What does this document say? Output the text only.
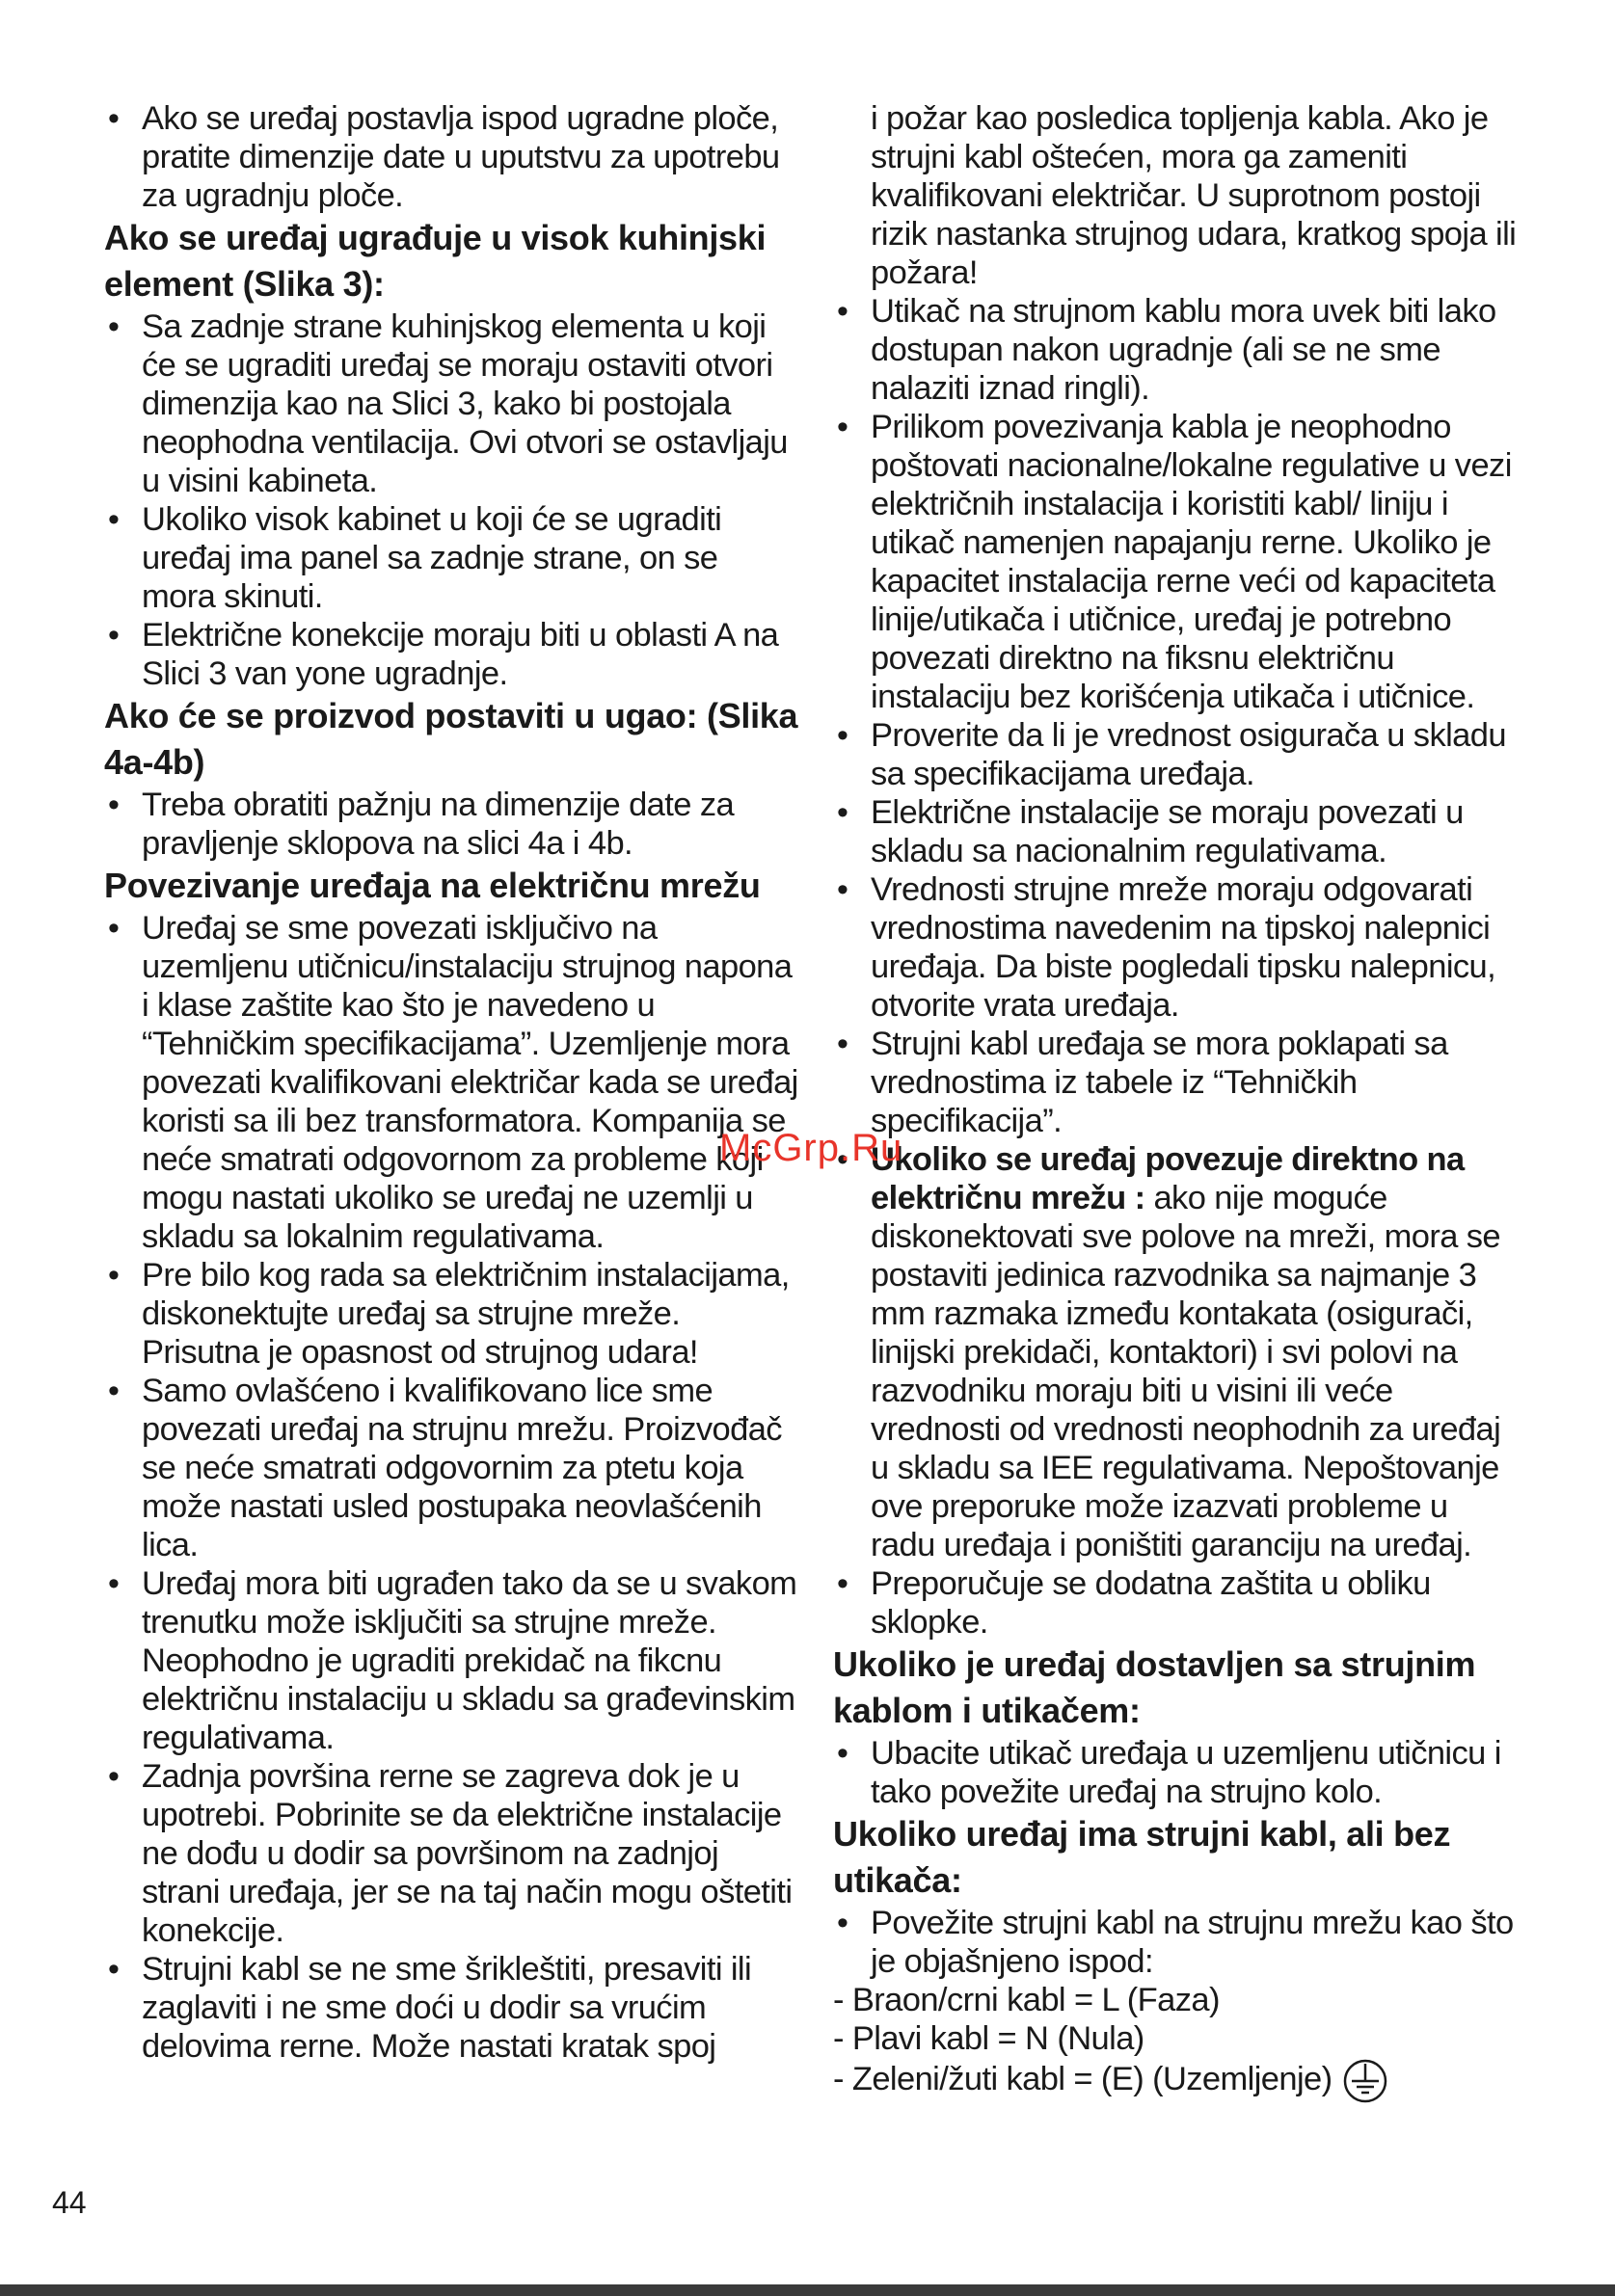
• Ako se uređaj postavlja ispod ugradne ploče, pratite dimenzije date u uputstvu za upotrebu za ugradnju ploče.
Ako se uređaj ugrađuje u visok kuhinjski element (Slika 3):
• Sa zadnje strane kuhinjskog elementa u koji će se ugraditi uređaj se moraju ostaviti otvori dimenzija kao na Slici 3, kako bi postojala neophodna ventilacija. Ovi otvori se ostavljaju u visini kabineta.
• Ukoliko visok kabinet u koji će se ugraditi uređaj ima panel sa zadnje strane, on se mora skinuti.
• Električne konekcije moraju biti u oblasti A na Slici 3 van yone ugradnje.
Ako će se proizvod postaviti u ugao: (Slika 4a-4b)
• Treba obratiti pažnju na dimenzije date za pravljenje sklopova na slici 4a i 4b.
Povezivanje uređaja na električnu mrežu
• Uređaj se sme povezati isključivo na uzemljenu utičnicu/instalaciju strujnog napona i klase zaštite kao što je navedeno u “Tehničkim specifikacijama”. Uzemljenje mora povezati kvalifikovani električar kada se uređaj koristi sa ili bez transformatora. Kompanija se neće smatrati odgovornom za probleme koji mogu nastati ukoliko se uređaj ne uzemlji u skladu sa lokalnim regulativama.
• Pre bilo kog rada sa električnim instalacijama, diskonektujte uređaj sa strujne mreže. Prisutna je opasnost od strujnog udara!
• Samo ovlašćeno i kvalifikovano lice sme povezati uređaj na strujnu mrežu. Proizvođač se neće smatrati odgovornim za ptetu koja može nastati usled postupaka neovlašćenih lica.
• Uređaj mora biti ugrađen tako da se u svakom trenutku može isključiti sa strujne mreže. Neophodno je ugraditi prekidač na fikcnu električnu instalaciju u skladu sa građevinskim regulativama.
• Zadnja površina rerne se zagreva dok je u upotrebi. Pobrinite se da električne instalacije ne dođu u dodir sa površinom na zadnjoj strani uređaja, jer se na taj način mogu oštetiti konekcije.
• Strujni kabl se ne sme šrikleštiti, presaviti ili zaglaviti i ne sme doći u dodir sa vrućim delovima rerne. Može nastati kratak spoj

i požar kao posledica topljenja kabla. Ako je strujni kabl oštećen, mora ga zameniti kvalifikovani električar. U suprotnom postoji rizik nastanka strujnog udara, kratkog spoja ili požara!

• Utikač na strujnom kablu mora uvek biti lako dostupan nakon ugradnje (ali se ne sme nalaziti iznad ringli).
• Prilikom povezivanja kabla je neophodno poštovati nacionalne/lokalne regulative u vezi električnih instalacija i koristiti kabl/ liniju i utikač namenjen napajanju rerne. Ukoliko je kapacitet instalacija rerne veći od kapaciteta linije/utikača i utičnice, uređaj je potrebno povezati direktno na fiksnu električnu instalaciju bez korišćenja utikača i utičnice.
• Proverite da li je vrednost osigurača u skladu sa specifikacijama uređaja.
• Električne instalacije se moraju povezati u skladu sa nacionalnim regulativama.
• Vrednosti strujne mreže moraju odgovarati vrednostima navedenim na tipskoj nalepnici uređaja. Da biste pogledali tipsku nalepnicu, otvorite vrata uređaja.
• Strujni kabl uređaja se mora poklapati sa vrednostima iz tabele iz “Tehničkih specifikacija”.
• Ukoliko se uređaj povezuje direktno na električnu mrežu : ako nije moguće diskonektovati sve polove na mreži, mora se postaviti jedinica razvodnika sa najmanje 3 mm razmaka između kontakata (osigurači, linijski prekidači, kontaktori) i svi polovi na razvodniku moraju biti u visini ili veće vrednosti od vrednosti neophodnih za uređaj u skladu sa IEE regulativama. Nepoštovanje ove preporuke može izazvati probleme u radu uređaja i poništiti garanciju na uređaj.
• Preporučuje se dodatna zaštita u obliku sklopke.
Ukoliko je uređaj dostavljen sa strujnim kablom i utikačem:
• Ubacite utikač uređaja u uzemljenu utičnicu i tako povežite uređaj na strujno kolo.
Ukoliko uređaj ima strujni kabl, ali bez utikača:
• Povežite strujni kabl na strujnu mrežu kao što je objašnjeno ispod:

- Braon/crni kabl = L (Faza)

- Plavi kabl = N (Nula)

- Zeleni/žuti kabl = (E) (Uzemljenje)

McGrp.Ru
44
